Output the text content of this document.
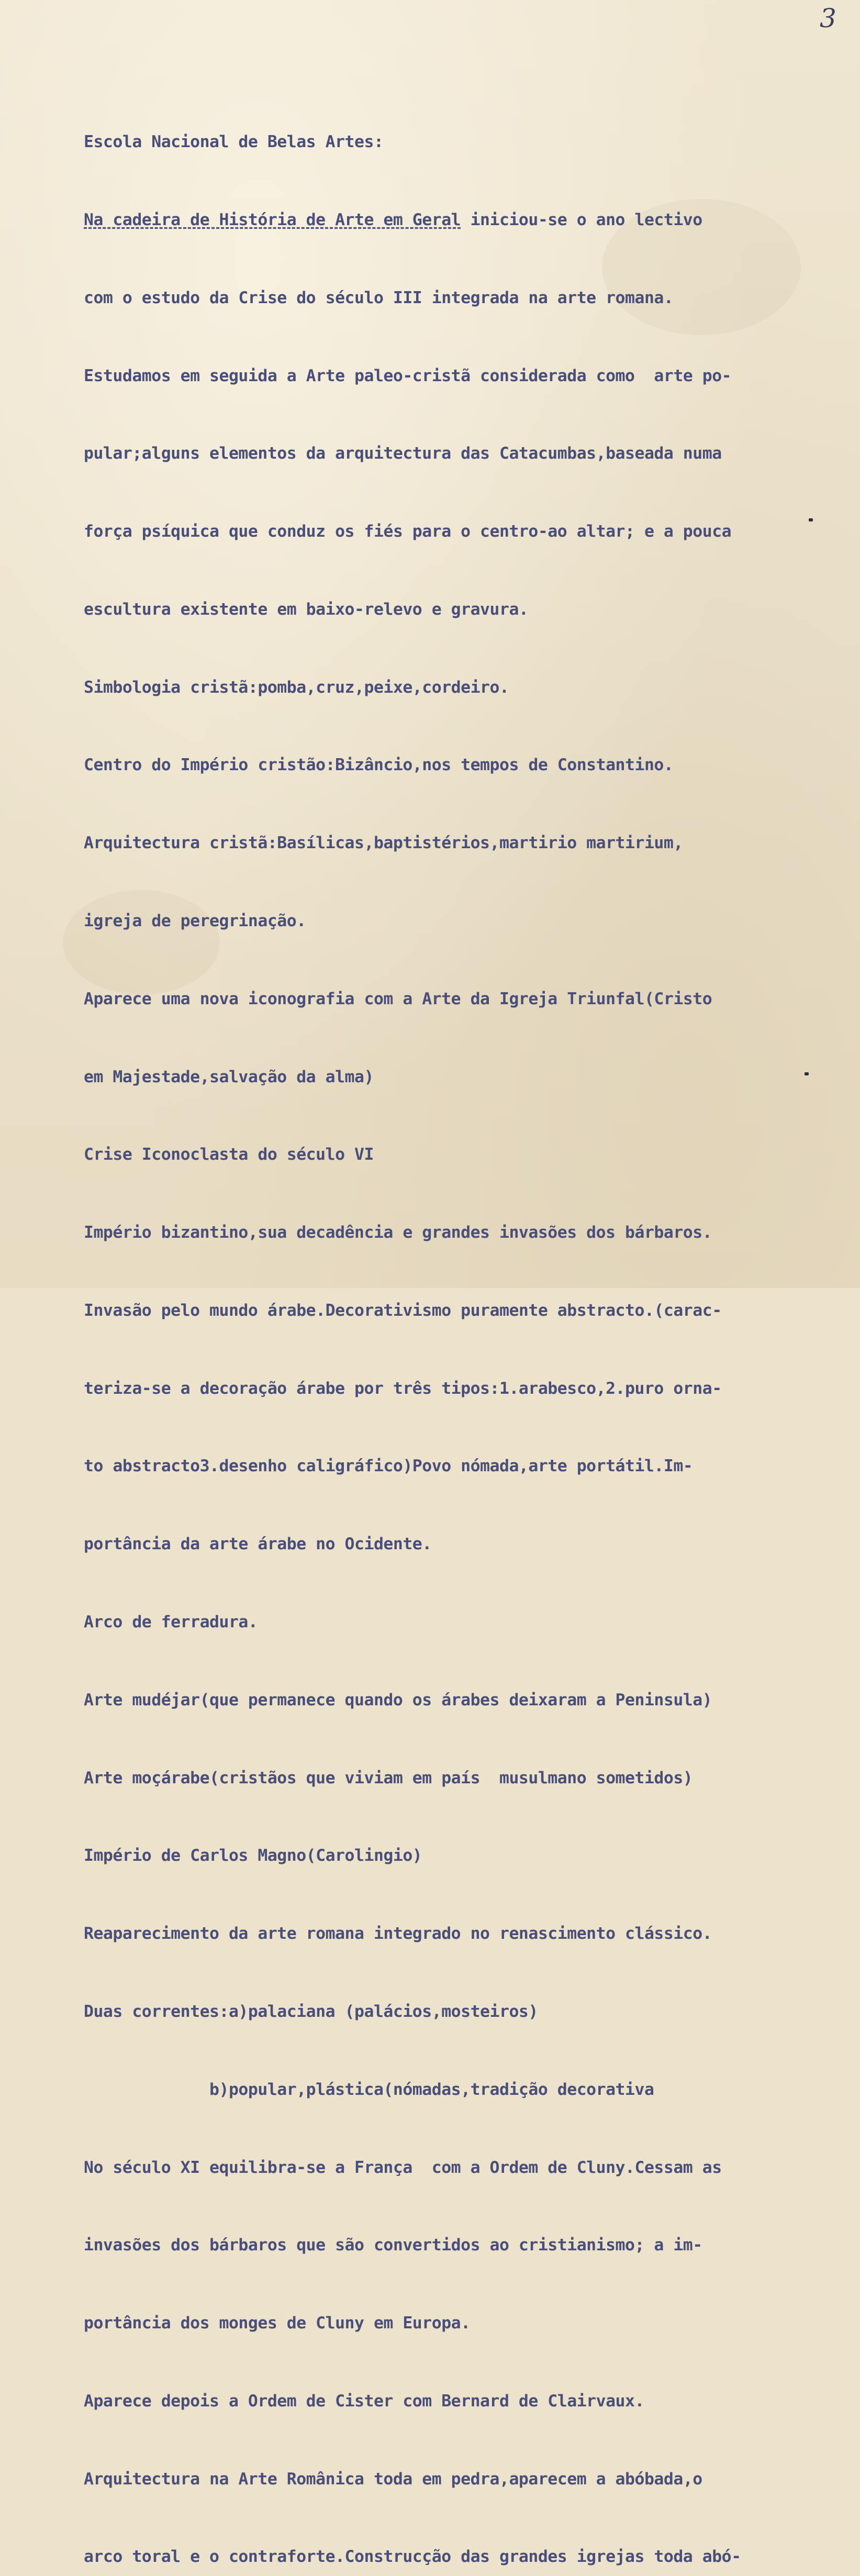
3

Escola Nacional de Belas Artes:

Na cadeira de História de Arte em Geral iniciou-se o ano lectivo

com o estudo da Crise do século III integrada na arte romana.

Estudamos em seguida a Arte paleo-cristã considerada como  arte po-

pular;alguns elementos da arquitectura das Catacumbas,baseada numa

força psíquica que conduz os fiés para o centro-ao altar; e a pouca

escultura existente em baixo-relevo e gravura.

Simbologia cristã:pomba,cruz,peixe,cordeiro.

Centro do Império cristão:Bizâncio,nos tempos de Constantino.

Arquitectura cristã:Basílicas,baptistérios,martirio martirium,

igreja de peregrinação.

Aparece uma nova iconografia com a Arte da Igreja Triunfal(Cristo

em Majestade,salvação da alma)

Crise Iconoclasta do século VI

Império bizantino,sua decadência e grandes invasões dos bárbaros.

Invasão pelo mundo árabe.Decorativismo puramente abstracto.(carac-

teriza-se a decoração árabe por três tipos:1.arabesco,2.puro orna-

to abstracto3.desenho caligráfico)Povo nómada,arte portátil.Im-

portância da arte árabe no Ocidente.

Arco de ferradura.

Arte mudéjar(que permanece quando os árabes deixaram a Peninsula)

Arte moçárabe(cristãos que viviam em país  musulmano sometidos)

Império de Carlos Magno(Carolingio)

Reaparecimento da arte romana integrado no renascimento clássico.

Duas correntes:a)palaciana (palácios,mosteiros)

b)popular,plástica(nómadas,tradição decorativa

No século XI equilibra-se a França  com a Ordem de Cluny.Cessam as

invasões dos bárbaros que são convertidos ao cristianismo; a im-

portância dos monges de Cluny em Europa.

Aparece depois a Ordem de Cister com Bernard de Clairvaux.

Arquitectura na Arte Românica toda em pedra,aparecem a abóbada,o

arco toral e o contraforte.Construcção das grandes igrejas toda abó-
